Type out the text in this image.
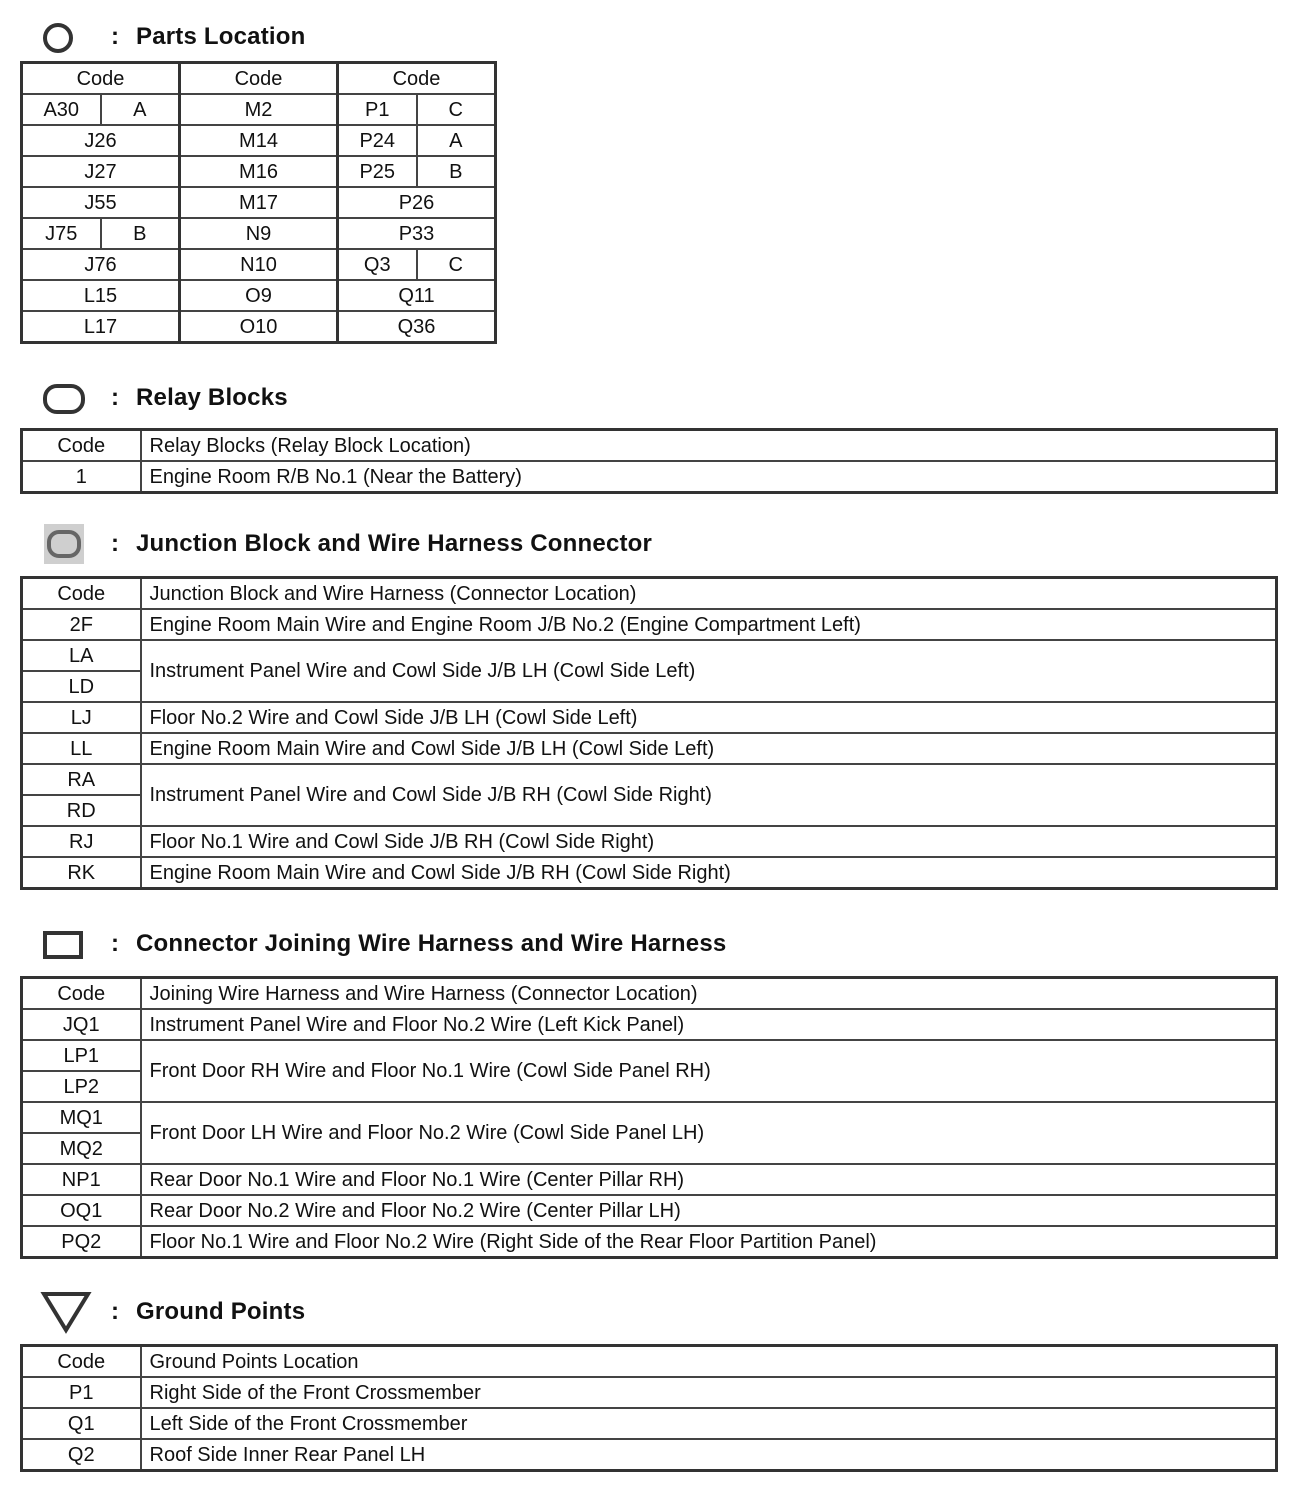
: Parts Location
Code		Code	Code	
A30	A	M2	P1	C
J26		M14	P24	A
J27		M16	P25	B
J55		M17	P26	
J75	B	N9	P33	
J76		N10	Q3	C
L15		O9	Q11	
L17		O10	Q36	
: Relay Blocks
Code	Relay Blocks (Relay Block Location)
1	Engine Room R/B No.1 (Near the Battery)
: Junction Block and Wire Harness Connector
Code	Junction Block and Wire Harness (Connector Location)
2F	Engine Room Main Wire and Engine Room J/B No.2 (Engine Compartment Left)
LA	Instrument Panel Wire and Cowl Side J/B LH (Cowl Side Left)
LD	
LJ	Floor No.2 Wire and Cowl Side J/B LH (Cowl Side Left)
LL	Engine Room Main Wire and Cowl Side J/B LH (Cowl Side Left)
RA	Instrument Panel Wire and Cowl Side J/B RH (Cowl Side Right)
RD	
RJ	Floor No.1 Wire and Cowl Side J/B RH (Cowl Side Right)
RK	Engine Room Main Wire and Cowl Side J/B RH (Cowl Side Right)
: Connector Joining Wire Harness and Wire Harness
Code	Joining Wire Harness and Wire Harness (Connector Location)
JQ1	Instrument Panel Wire and Floor No.2 Wire (Left Kick Panel)
LP1	Front Door RH Wire and Floor No.1 Wire (Cowl Side Panel RH)
LP2	
MQ1	Front Door LH Wire and Floor No.2 Wire (Cowl Side Panel LH)
MQ2	
NP1	Rear Door No.1 Wire and Floor No.1 Wire (Center Pillar RH)
OQ1	Rear Door No.2 Wire and Floor No.2 Wire (Center Pillar LH)
PQ2	Floor No.1 Wire and Floor No.2 Wire (Right Side of the Rear Floor Partition Panel)
: Ground Points
Code	Ground Points Location
P1	Right Side of the Front Crossmember
Q1	Left Side of the Front Crossmember
Q2	Roof Side Inner Rear Panel LH
